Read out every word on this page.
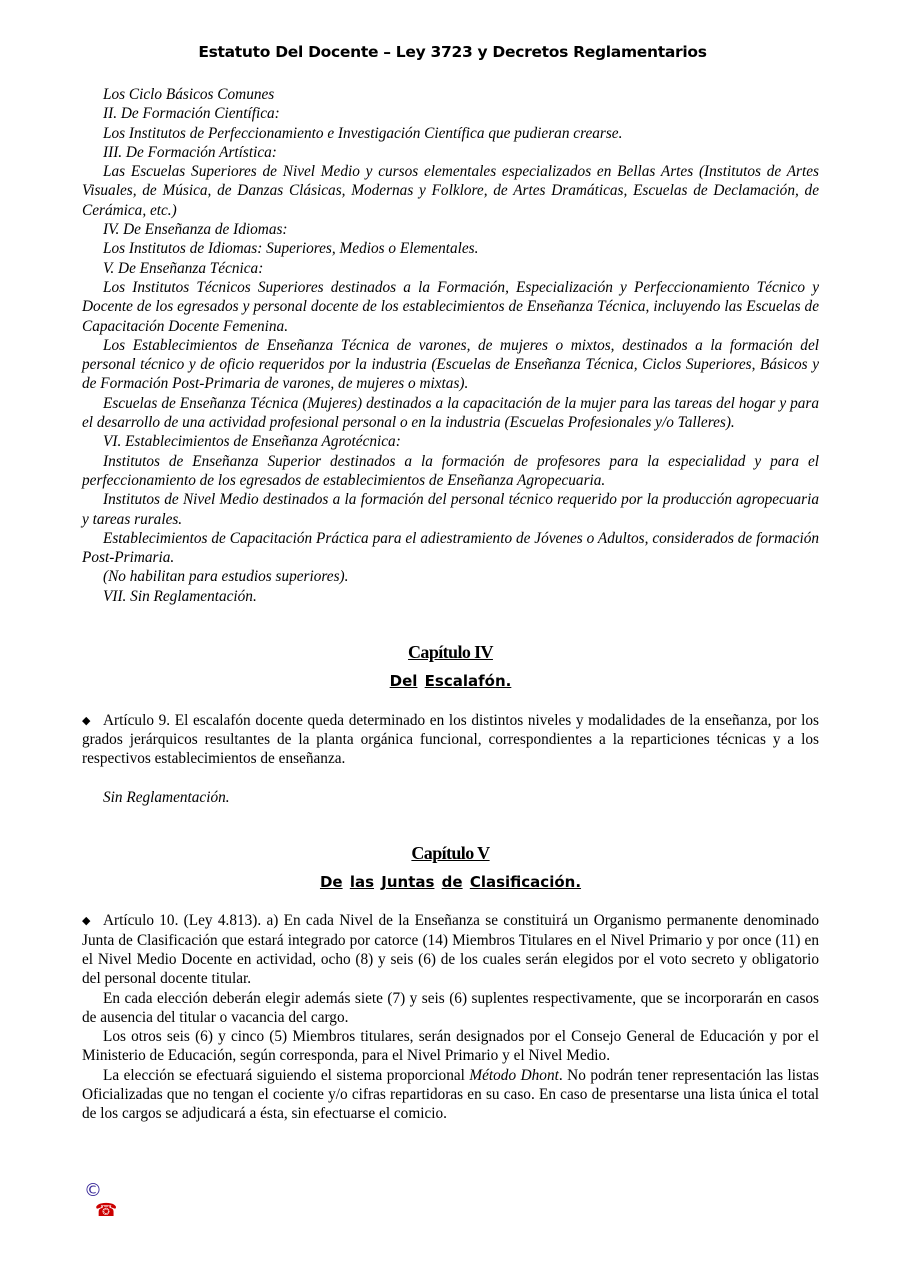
Estatuto Del Docente – Ley 3723 y Decretos Reglamentarios

Los Ciclo Básicos Comunes

II. De Formación Científica:

Los Institutos de Perfeccionamiento e Investigación Científica que pudieran crearse.

III. De Formación Artística:

Las Escuelas Superiores de Nivel Medio y cursos elementales especializados en Bellas Artes (Institutos de Artes Visuales, de Música, de Danzas Clásicas, Modernas y Folklore, de Artes Dramáticas, Escuelas de Declamación, de Cerámica, etc.)

IV. De Enseñanza de Idiomas:

Los Institutos de Idiomas: Superiores, Medios o Elementales.

V. De Enseñanza Técnica:

Los Institutos Técnicos Superiores destinados a la Formación, Especialización y Perfeccionamiento Técnico y Docente de los egresados y personal docente de los establecimientos de Enseñanza Técnica, incluyendo las Escuelas de Capacitación Docente Femenina.

Los Establecimientos de Enseñanza Técnica de varones, de mujeres o mixtos, destinados a la formación del personal técnico y de oficio requeridos por la industria (Escuelas de Enseñanza Técnica, Ciclos Superiores, Básicos y de Formación Post-Primaria de varones, de mujeres o mixtas).

Escuelas de Enseñanza Técnica (Mujeres) destinados a la capacitación de la mujer para las tareas del hogar y para el desarrollo de una actividad profesional personal o en la industria (Escuelas Profesionales y/o Talleres).

VI. Establecimientos de Enseñanza Agrotécnica:

Institutos de Enseñanza Superior destinados a la formación de profesores para la especialidad y para el perfeccionamiento de los egresados de establecimientos de Enseñanza Agropecuaria.

Institutos de Nivel Medio destinados a la formación del personal técnico requerido por la producción agropecuaria y tareas rurales.

Establecimientos de Capacitación Práctica para el adiestramiento de Jóvenes o Adultos, considerados de formación Post-Primaria.

(No habilitan para estudios superiores).

VII. Sin Reglamentación.

Capítulo IV

Del Escalafón.

◆ Artículo 9. El escalafón docente queda determinado en los distintos niveles y modalidades de la enseñanza, por los grados jerárquicos resultantes de la planta orgánica funcional, correspondientes a la reparticiones técnicas y a los respectivos establecimientos de enseñanza.

Sin Reglamentación.

Capítulo V

De las Juntas de Clasificación.

◆ Artículo 10. (Ley 4.813). a) En cada Nivel de la Enseñanza se constituirá un Organismo permanente denominado Junta de Clasificación que estará integrado por catorce (14) Miembros Titulares en el Nivel Primario y por once (11) en el Nivel Medio Docente en actividad, ocho (8) y seis (6) de los cuales serán elegidos por el voto secreto y obligatorio del personal docente titular.

En cada elección deberán elegir además siete (7) y seis (6) suplentes respectivamente, que se incorporarán en casos de ausencia del titular o vacancia del cargo.

Los otros seis (6) y cinco (5) Miembros titulares, serán designados por el Consejo General de Educación y por el Ministerio de Educación, según corresponda, para el Nivel Primario y el Nivel Medio.

La elección se efectuará siguiendo el sistema proporcional Método Dhont. No podrán tener representación las listas Oficializadas que no tengan el cociente y/o cifras repartidoras en su caso. En caso de presentarse una lista única el total de los cargos se adjudicará a ésta, sin efectuarse el comicio.

©
☎
